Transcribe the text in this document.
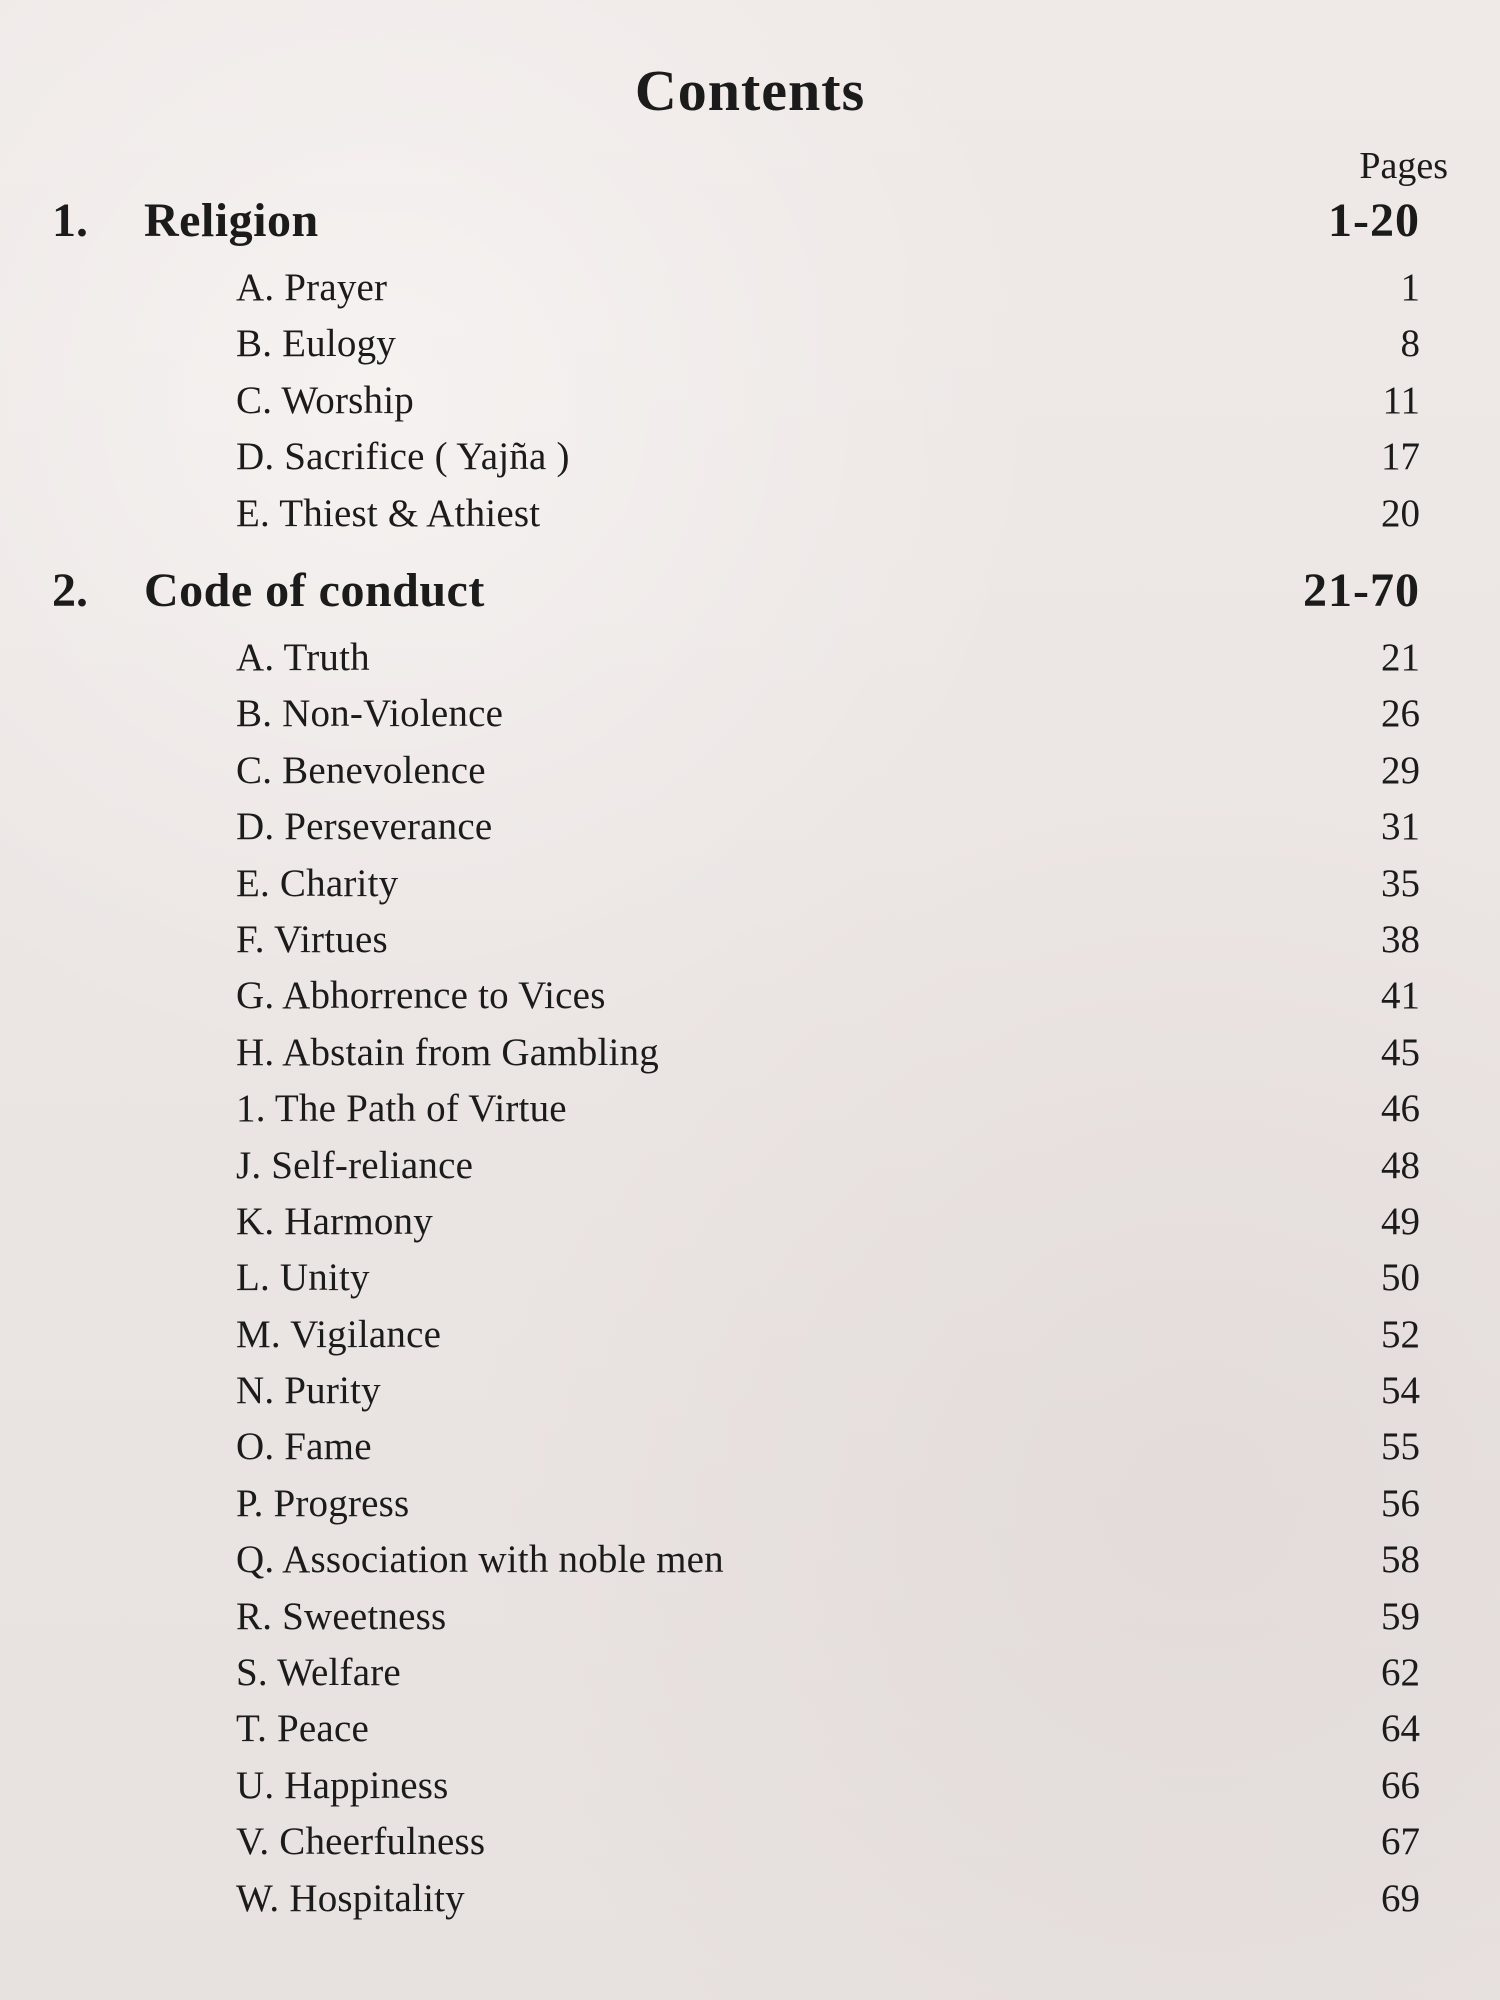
Contents
Pages
1. Religion	1-20
A. Prayer	1
B. Eulogy	8
C. Worship	11
D. Sacrifice ( Yajña )	17
E. Thiest & Athiest	20
2. Code of conduct	21-70
A. Truth	21
B. Non-Violence	26
C. Benevolence	29
D. Perseverance	31
E. Charity	35
F. Virtues	38
G. Abhorrence to Vices	41
H. Abstain from Gambling	45
1. The Path of Virtue	46
J. Self-reliance	48
K. Harmony	49
L. Unity	50
M. Vigilance	52
N. Purity	54
O. Fame	55
P. Progress	56
Q. Association with noble men	58
R. Sweetness	59
S. Welfare	62
T. Peace	64
U. Happiness	66
V. Cheerfulness	67
W. Hospitality	69
